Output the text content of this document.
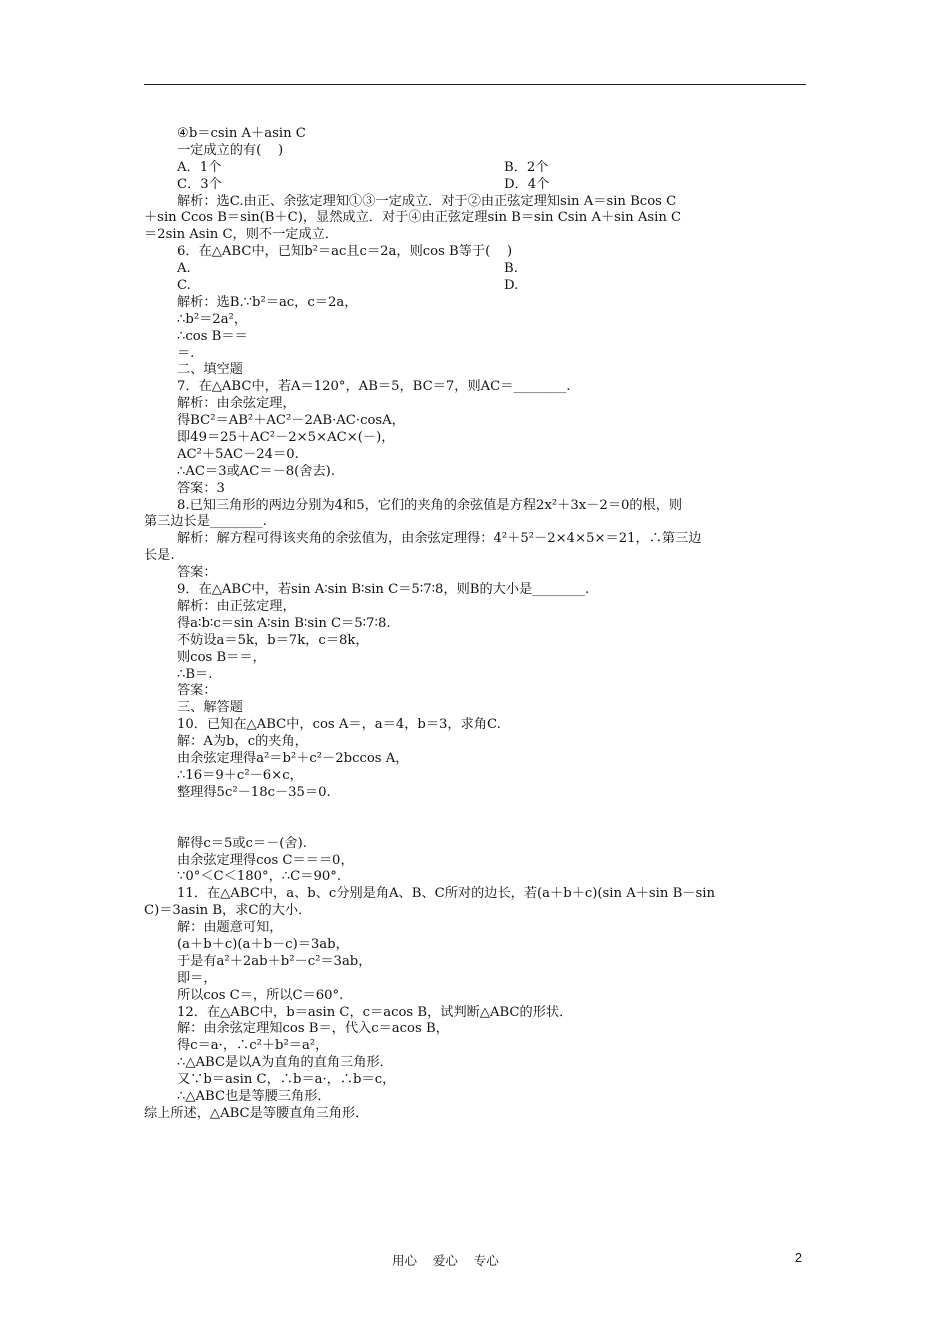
④b＝csin A＋asin C
一定成立的有(    )
A．1个	B．2个
C．3个	D．4个
解析：选C.由正、余弦定理知①③一定成立．对于②由正弦定理知sin A＝sin Bcos C
＋sin Ccos B＝sin(B＋C)，显然成立．对于④由正弦定理sin B＝sin Csin A＋sin Asin C
＝2sin Asin C，则不一定成立．
6．在△ABC中，已知b²＝ac且c＝2a，则cos B等于(    )
A.	B.
C.	D.
解析：选B.∵b²＝ac，c＝2a，
∴b²＝2a²，
∴cos B＝＝
＝.
二、填空题
7．在△ABC中，若A＝120°，AB＝5，BC＝7，则AC＝________.
解析：由余弦定理，
得BC²＝AB²＋AC²－2AB·AC·cosA，
即49＝25＋AC²－2×5×AC×(－)，
AC²＋5AC－24＝0.
∴AC＝3或AC＝－8(舍去).
答案：3
8.已知三角形的两边分别为4和5，它们的夹角的余弦值是方程2x²＋3x－2＝0的根，则
第三边长是________.
解析：解方程可得该夹角的余弦值为，由余弦定理得：4²＋5²－2×4×5×＝21，∴第三边
长是.
答案：
9．在△ABC中，若sin A∶sin B∶sin C＝5∶7∶8，则B的大小是________.
解析：由正弦定理，
得a∶b∶c＝sin A∶sin B∶sin C＝5∶7∶8.
不妨设a＝5k，b＝7k，c＝8k，
则cos B＝＝，
∴B＝.
答案：
三、解答题
10．已知在△ABC中，cos A＝，a＝4，b＝3，求角C.
解：A为b，c的夹角，
由余弦定理得a²＝b²＋c²－2bccos A，
∴16＝9＋c²－6×c，
整理得5c²－18c－35＝0.
解得c＝5或c＝－(舍).
由余弦定理得cos C＝＝＝0，
∵0°＜C＜180°，∴C＝90°.
11．在△ABC中，a、b、c分别是角A、B、C所对的边长，若(a＋b＋c)(sin A＋sin B－sin
C)＝3asin B，求C的大小．
解：由题意可知，
(a＋b＋c)(a＋b－c)＝3ab，
于是有a²＋2ab＋b²－c²＝3ab，
即＝，
所以cos C＝，所以C＝60°.
12．在△ABC中，b＝asin C，c＝acos B，试判断△ABC的形状．
解：由余弦定理知cos B＝，代入c＝acos B，
得c＝a·，∴c²＋b²＝a²，
∴△ABC是以A为直角的直角三角形．
又∵b＝asin C，∴b＝a·，∴b＝c，
∴△ABC也是等腰三角形．
综上所述，△ABC是等腰直角三角形．
用心    爱心    专心	2
